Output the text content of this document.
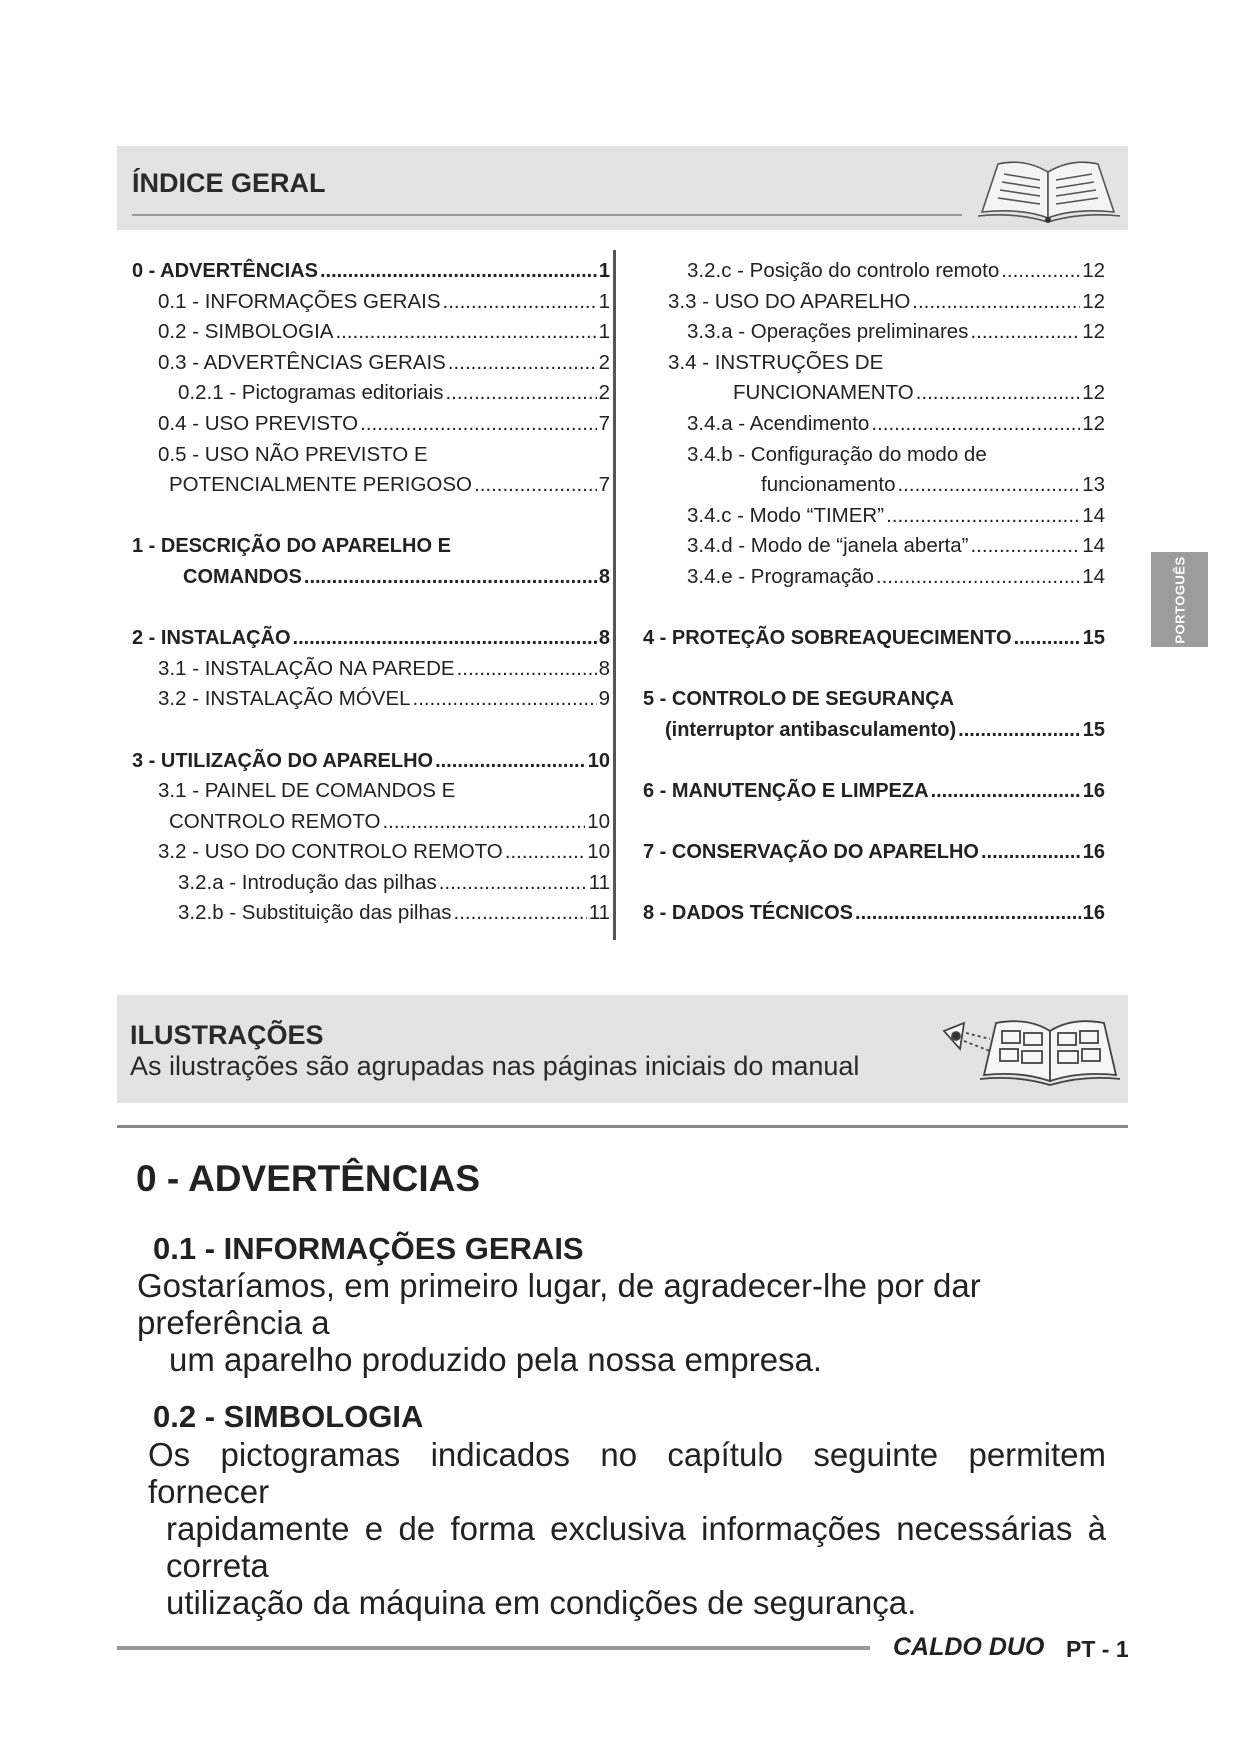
ÍNDICE GERAL
0 - ADVERTÊNCIAS .....	1
0.1 - INFORMAÇÕES GERAIS .....	1
0.2 - SIMBOLOGIA .....	1
0.3 - ADVERTÊNCIAS GERAIS .....	2
0.2.1 - Pictogramas editoriais .....	2
0.4 - USO PREVISTO .....	7
0.5 - USO NÃO PREVISTO E
POTENCIALMENTE PERIGOSO .....	7
1 - DESCRIÇÃO DO APARELHO E
COMANDOS .....	8
2 - INSTALAÇÃO .....	8
3.1 - INSTALAÇÃO NA PAREDE .....	8
3.2 - INSTALAÇÃO MÓVEL .....	9
3 - UTILIZAÇÃO DO APARELHO .....	10
3.1 - PAINEL DE COMANDOS E
CONTROLO REMOTO .....	10
3.2 - USO DO CONTROLO REMOTO .....	10
3.2.a - Introdução das pilhas .....	11
3.2.b - Substituição das pilhas .....	11
3.2.c - Posição do controlo remoto .....	12
3.3 - USO DO APARELHO .....	12
3.3.a - Operações preliminares .....	12
3.4 - INSTRUÇÕES DE
FUNCIONAMENTO .....	12
3.4.a - Acendimento .....	12
3.4.b - Configuração do modo de
funcionamento .....	13
3.4.c - Modo “TIMER” .....	14
3.4.d - Modo de “janela aberta” .....	14
3.4.e - Programação .....	14
4 - PROTEÇÃO SOBREAQUECIMENTO .....	15
5 - CONTROLO DE SEGURANÇA
(interruptor antibasculamento) .....	15
6 - MANUTENÇÃO E LIMPEZA .....	16
7 - CONSERVAÇÃO DO APARELHO .....	16
8 - DADOS TÉCNICOS .....	16
PORTOGUÊS
ILUSTRAÇÕES
As ilustrações são agrupadas nas páginas iniciais do manual
0 - ADVERTÊNCIAS
0.1 - INFORMAÇÕES GERAIS
Gostaríamos, em primeiro lugar, de agradecer-lhe por dar preferência a
um aparelho produzido pela nossa empresa.
0.2 - SIMBOLOGIA
Os pictogramas indicados no capítulo seguinte permitem fornecer
rapidamente e de forma exclusiva informações necessárias à correta
utilização da máquina em condições de segurança.
CALDO DUO PT - 1
